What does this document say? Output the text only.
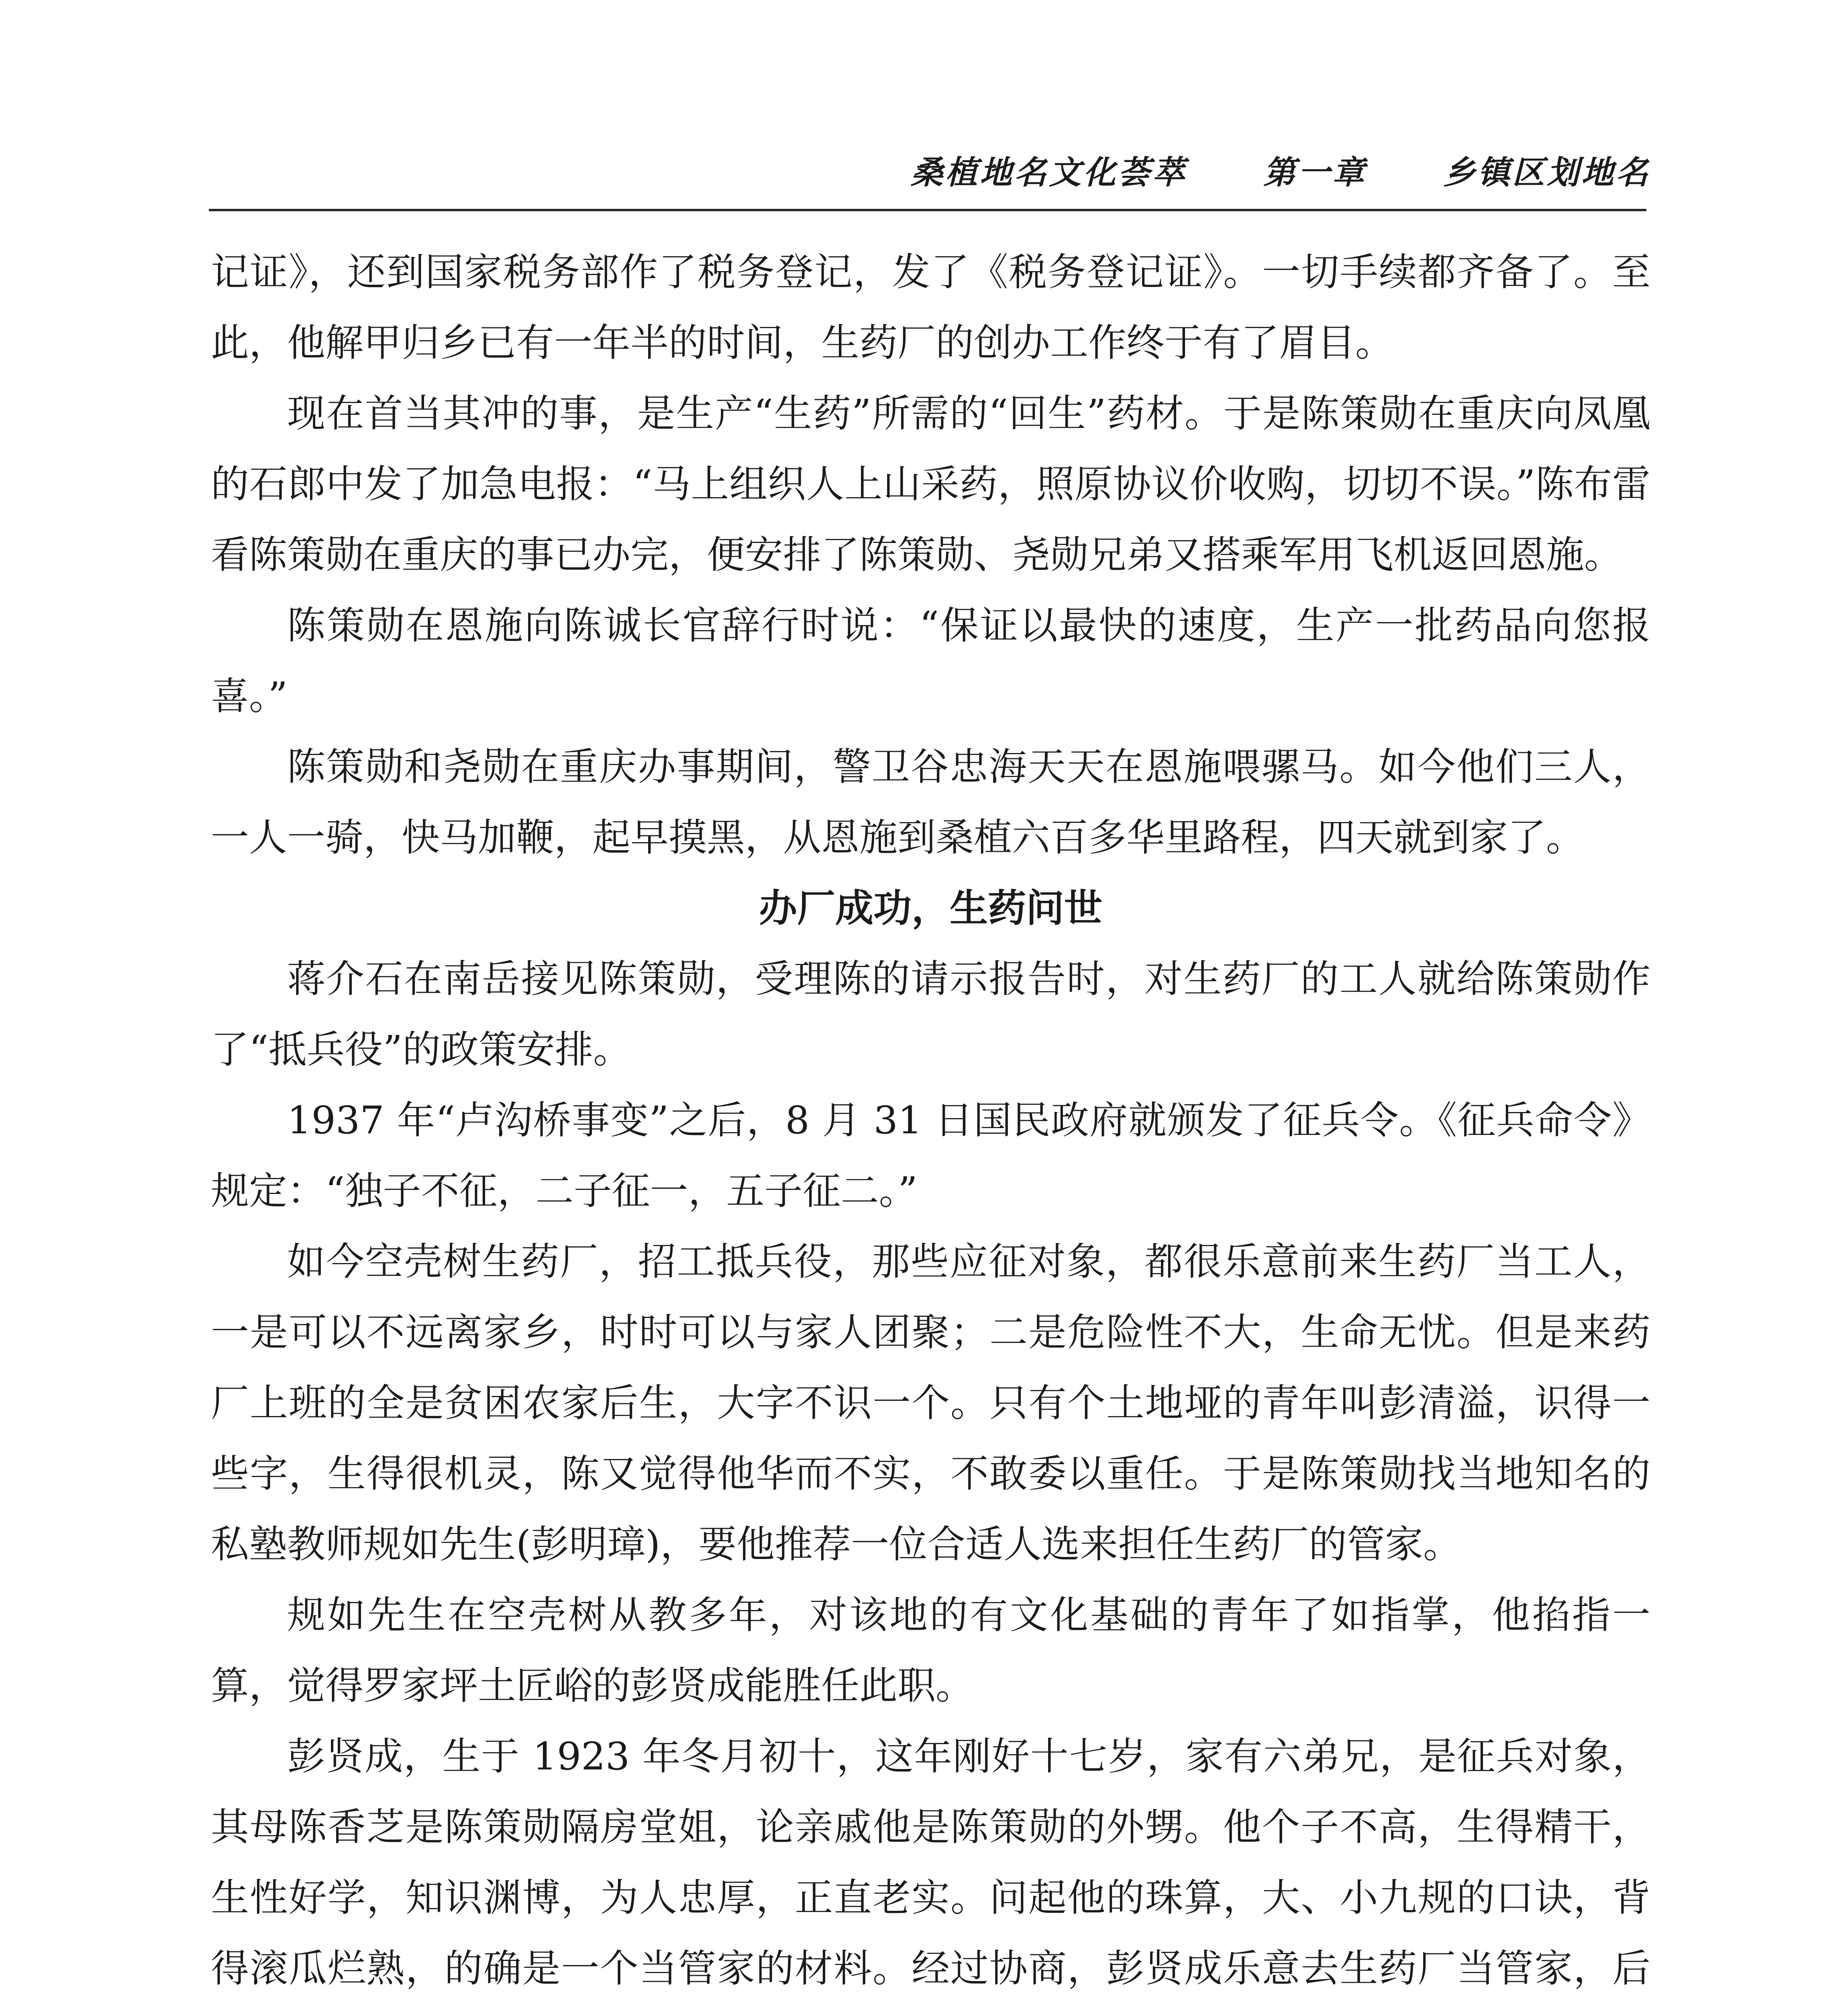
桑植地名文化荟萃 第一章 乡镇区划地名

记证》，还到国家税务部作了税务登记，发了《税务登记证》。一切手续都齐备了。至此，他解甲归乡已有一年半的时间，生药厂的创办工作终于有了眉目。

现在首当其冲的事，是生产“生药”所需的“回生”药材。于是陈策勋在重庆向凤凰的石郎中发了加急电报：“马上组织人上山采药，照原协议价收购，切切不误。”陈布雷看陈策勋在重庆的事已办完，便安排了陈策勋、尧勋兄弟又搭乘军用飞机返回恩施。

陈策勋在恩施向陈诚长官辞行时说：“保证以最快的速度，生产一批药品向您报喜。”

陈策勋和尧勋在重庆办事期间，警卫谷忠海天天在恩施喂骡马。如今他们三人，一人一骑，快马加鞭，起早摸黑，从恩施到桑植六百多华里路程，四天就到家了。

办厂成功，生药问世

蒋介石在南岳接见陈策勋，受理陈的请示报告时，对生药厂的工人就给陈策勋作了“抵兵役”的政策安排。

1937 年“卢沟桥事变”之后，8 月 31 日国民政府就颁发了征兵令。《征兵命令》规定：“独子不征，二子征一，五子征二。”

如今空壳树生药厂，招工抵兵役，那些应征对象，都很乐意前来生药厂当工人，一是可以不远离家乡，时时可以与家人团聚；二是危险性不大，生命无忧。但是来药厂上班的全是贫困农家后生，大字不识一个。只有个土地垭的青年叫彭清溢，识得一些字，生得很机灵，陈又觉得他华而不实，不敢委以重任。于是陈策勋找当地知名的私塾教师规如先生(彭明璋)，要他推荐一位合适人选来担任生药厂的管家。

规如先生在空壳树从教多年，对该地的有文化基础的青年了如指掌，他掐指一算，觉得罗家坪土匠峪的彭贤成能胜任此职。

彭贤成，生于 1923 年冬月初十，这年刚好十七岁，家有六弟兄，是征兵对象，其母陈香芝是陈策勋隔房堂姐，论亲戚他是陈策勋的外甥。他个子不高，生得精干，生性好学，知识渊博，为人忠厚，正直老实。问起他的珠算，大、小九规的口诀，背得滚瓜烂熟，的确是一个当管家的材料。经过协商，彭贤成乐意去生药厂当管家，后
